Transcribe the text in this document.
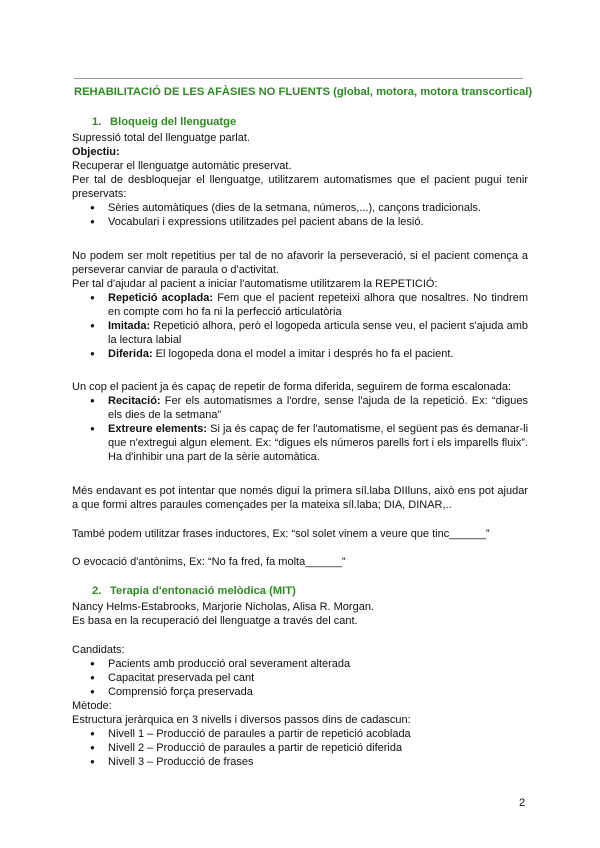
REHABILITACIÓ DE LES AFÀSIES NO FLUENTS (global, motora, motora transcortical)
1. Bloqueig del llenguatge

Supressió total del llenguatge parlat.

Objectiu:

Recuperar el llenguatge automàtic preservat.

Per tal de desbloquejar el llenguatge, utilitzarem automatismes que el pacient pugui tenir preservats:

● Sèries automàtiques (dies de la setmana, números,...), cançons tradicionals.
● Vocabulari i expressions utilitzades pel pacient abans de la lesió.

No podem ser molt repetitius per tal de no afavorir la perseveració, si el pacient comença a perseverar canviar de paraula o d'activitat.

Per tal d'ajudar al pacient a iniciar l'automatisme utilitzarem la REPETICIÓ:

● Repetició acoplada: Fem que el pacient repeteixi alhora que nosaltres. No tindrem en compte com ho fa ni la perfecció articulatòria
● Imitada: Repetició alhora, però el logopeda articula sense veu, el pacient s'ajuda amb la lectura labial
● Diferida: El logopeda dona el model a imitar i després ho fa el pacient.

Un cop el pacient ja és capaç de repetir de forma diferida, seguirem de forma escalonada:

● Recitació: Fer els automatismes a l'ordre, sense l'ajuda de la repetició. Ex: “digues els dies de la setmana”
● Extreure elements: Si ja és capaç de fer l'automatisme, el següent pas és demanar-li que n'extregui algun element. Ex: “digues els números parells fort i els imparells fluix”. Ha d'inhibir una part de la sèrie automàtica.

Més endavant es pot intentar que només digui la primera síl.laba DIIluns, això ens pot ajudar a que formi altres paraules començades per la mateixa síl.laba; DIA, DINAR,..

També podem utilitzar frases inductores, Ex: “sol solet vinem a veure que tinc______”

O evocació d'antònims, Ex: “No fa fred, fa molta______”

2. Terapia d'entonació melòdica (MIT)

Nancy Helms-Estabrooks, Marjorie Nicholas, Alisa R. Morgan.

Es basa en la recuperació del llenguatge a través del cant.

Candidats:

● Pacients amb producció oral severament alterada
● Capacitat preservada pel cant
● Comprensió força preservada

Mètode:

Estructura jeràrquica en 3 nivells i diversos passos dins de cadascun:

● Nivell 1 – Producció de paraules a partir de repetició acoblada
● Nivell 2 – Producció de paraules a partir de repetició diferida
● Nivell 3 – Producció de frases
2
